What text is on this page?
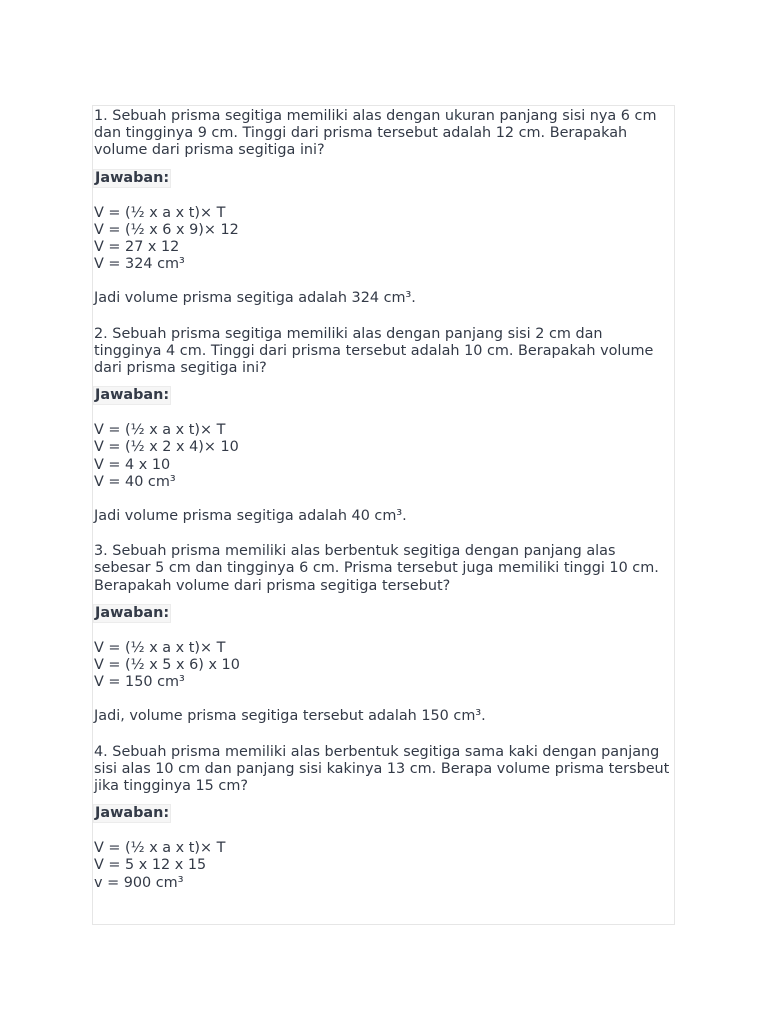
1. Sebuah prisma segitiga memiliki alas dengan ukuran panjang sisi nya 6 cm dan tingginya 9 cm. Tinggi dari prisma tersebut adalah 12 cm. Berapakah volume dari prisma segitiga ini?

Jawaban:
V = (½ x a x t)× T
V = (½ x 6 x 9)× 12
V = 27 x 12
V = 324 cm³

Jadi volume prisma segitiga adalah 324 cm³.

2. Sebuah prisma segitiga memiliki alas dengan panjang sisi 2 cm dan tingginya 4 cm. Tinggi dari prisma tersebut adalah 10 cm. Berapakah volume dari prisma segitiga ini?

Jawaban:
V = (½ x a x t)× T
V = (½ x 2 x 4)× 10
V = 4 x 10
V = 40 cm³

Jadi volume prisma segitiga adalah 40 cm³.

3. Sebuah prisma memiliki alas berbentuk segitiga dengan panjang alas sebesar 5 cm dan tingginya 6 cm. Prisma tersebut juga memiliki tinggi 10 cm. Berapakah volume dari prisma segitiga tersebut?

Jawaban:
V = (½ x a x t)× T
V = (½ x 5 x 6) x 10
V = 150 cm³

Jadi, volume prisma segitiga tersebut adalah 150 cm³.

4. Sebuah prisma memiliki alas berbentuk segitiga sama kaki dengan panjang sisi alas 10 cm dan panjang sisi kakinya 13 cm. Berapa volume prisma tersbeut jika tingginya 15 cm?

Jawaban:
V = (½ x a x t)× T
V = 5 x 12 x 15
v = 900 cm³
